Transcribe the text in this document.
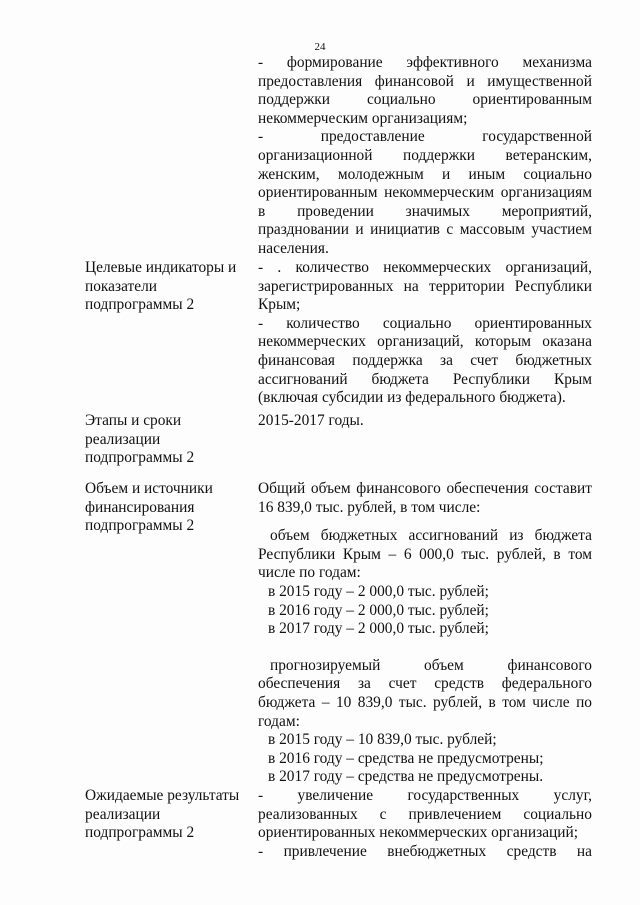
24
- формирование эффективного механизма
предоставления финансовой и имущественной
поддержки социально ориентированным
некоммерческим организациям;
- предоставление государственной
организационной поддержки ветеранским,
женским, молодежным и иным социально
ориентированным некоммерческим организациям
в проведении значимых мероприятий,
праздновании и инициатив с массовым участием
населения.
Целевые индикаторы и показатели подпрограммы 2
- . количество некоммерческих организаций,
зарегистрированных на территории Республики
Крым;
- количество социально ориентированных
некоммерческих организаций, которым оказана
финансовая поддержка за счет бюджетных
ассигнований бюджета Республики Крым
(включая субсидии из федерального бюджета).
Этапы и сроки реализации подпрограммы 2
2015-2017 годы.
Объем и источники финансирования подпрограммы 2
Общий объем финансового обеспечения составит
16 839,0 тыс. рублей, в том числе:
объем бюджетных ассигнований из бюджета
Республики Крым – 6 000,0 тыс. рублей, в том
числе по годам:
в 2015 году – 2 000,0 тыс. рублей;
в 2016 году – 2 000,0 тыс. рублей;
в 2017 году – 2 000,0 тыс. рублей;
прогнозируемый объем финансового
обеспечения за счет средств федерального
бюджета – 10 839,0 тыс. рублей, в том числе по
годам:
в 2015 году – 10 839,0 тыс. рублей;
в 2016 году – средства не предусмотрены;
в 2017 году – средства не предусмотрены.
Ожидаемые результаты реализации подпрограммы 2
- увеличение государственных услуг,
реализованных с привлечением социально
ориентированных некоммерческих организаций;
- привлечение внебюджетных средств на
